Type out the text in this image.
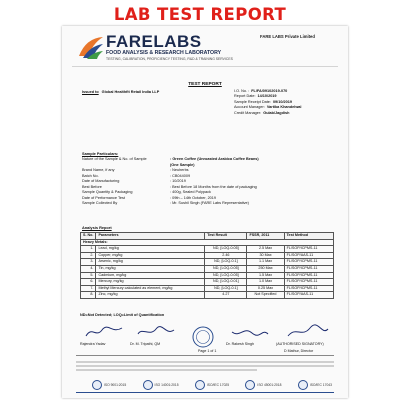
LAB TEST REPORT
FARELABS
FOOD ANALYSIS & RESEARCH LABORATORY
TESTING, CALIBRATION, PROFICIENCY TESTING, R&D & TRAINING SERVICES
FARE LABS Private Limited
TEST REPORT
Issued to Global Healthfit Retail India LLP	I.O. No. : FL/FA/09102019-070
Report Date: 14/10/2019
Sample Receipt Date: 09/10/2019
Account Manager: Vartika Khandelwal
Credit Manager: Gulab/Jagdish
Sample Particulars:
Nature of the Sample & No. of Sample	: Green Coffee (Unroasted Arabica Coffee Beans)
(One Sample)
Brand Name, if any	: Neuherbs
Batch No.	: CB044009
Date of Manufacturing	: 10/2019
Best Before	: Best Before 18 Months from the date of packaging
Sample Quantity & Packaging	: 400g, Sealed Polypack
Date of Performance Test	: 09th – 14th October, 2019
Sample Collected By	: Mr. Sushil Singh (FARE Labs Representative)
Analysis Report
S. No.	Parameters	Test Result	FSSR, 2011	Test Method
Heavy Metals:				
1.	Lead, mg/kg	ND, [LOQ-0.05]	2.5 Max	FL/SOP/ICPMS-11
2.	Copper, mg/kg	2.46	30 Max	FL/SOP/AAS-11
3.	Arsenic, mg/kg	ND, [LOQ-0.1]	1.1 Max	FL/SOP/ICPMS-11
4.	Tin, mg/kg	ND, [LOQ-0.05]	250 Max	FL/SOP/ICPMS-11
5.	Cadmium, mg/kg	ND, [LOQ-0.05]	1.5 Max	FL/SOP/ICPMS-11
6.	Mercury, mg/kg	ND, [LOQ-0.01]	1.0 Max	FL/SOP/ICPMS-11
7.	Methyl Mercury calculated as element, mg/kg	ND, [LOQ-0.1]	0.25 Max	FL/SOP/ICPMS-11
8.	Zinc, mg/kg	4.27	Not Specified	FL/SOP/AAS-11
ND=Not Detected; LOQ=Limit of Quantification
Rajendra Yadav	Dr. M. Tripathi, QM	Dr. Rakesh Singh	(AUTHORISED SIGNATORY)
Page 1 of 1	D Mathur, Director
ISO 9001:2015	ISO 14001:2015	ISO/IEC 17025	ISO 45001:2018	ISO/IEC 17043
